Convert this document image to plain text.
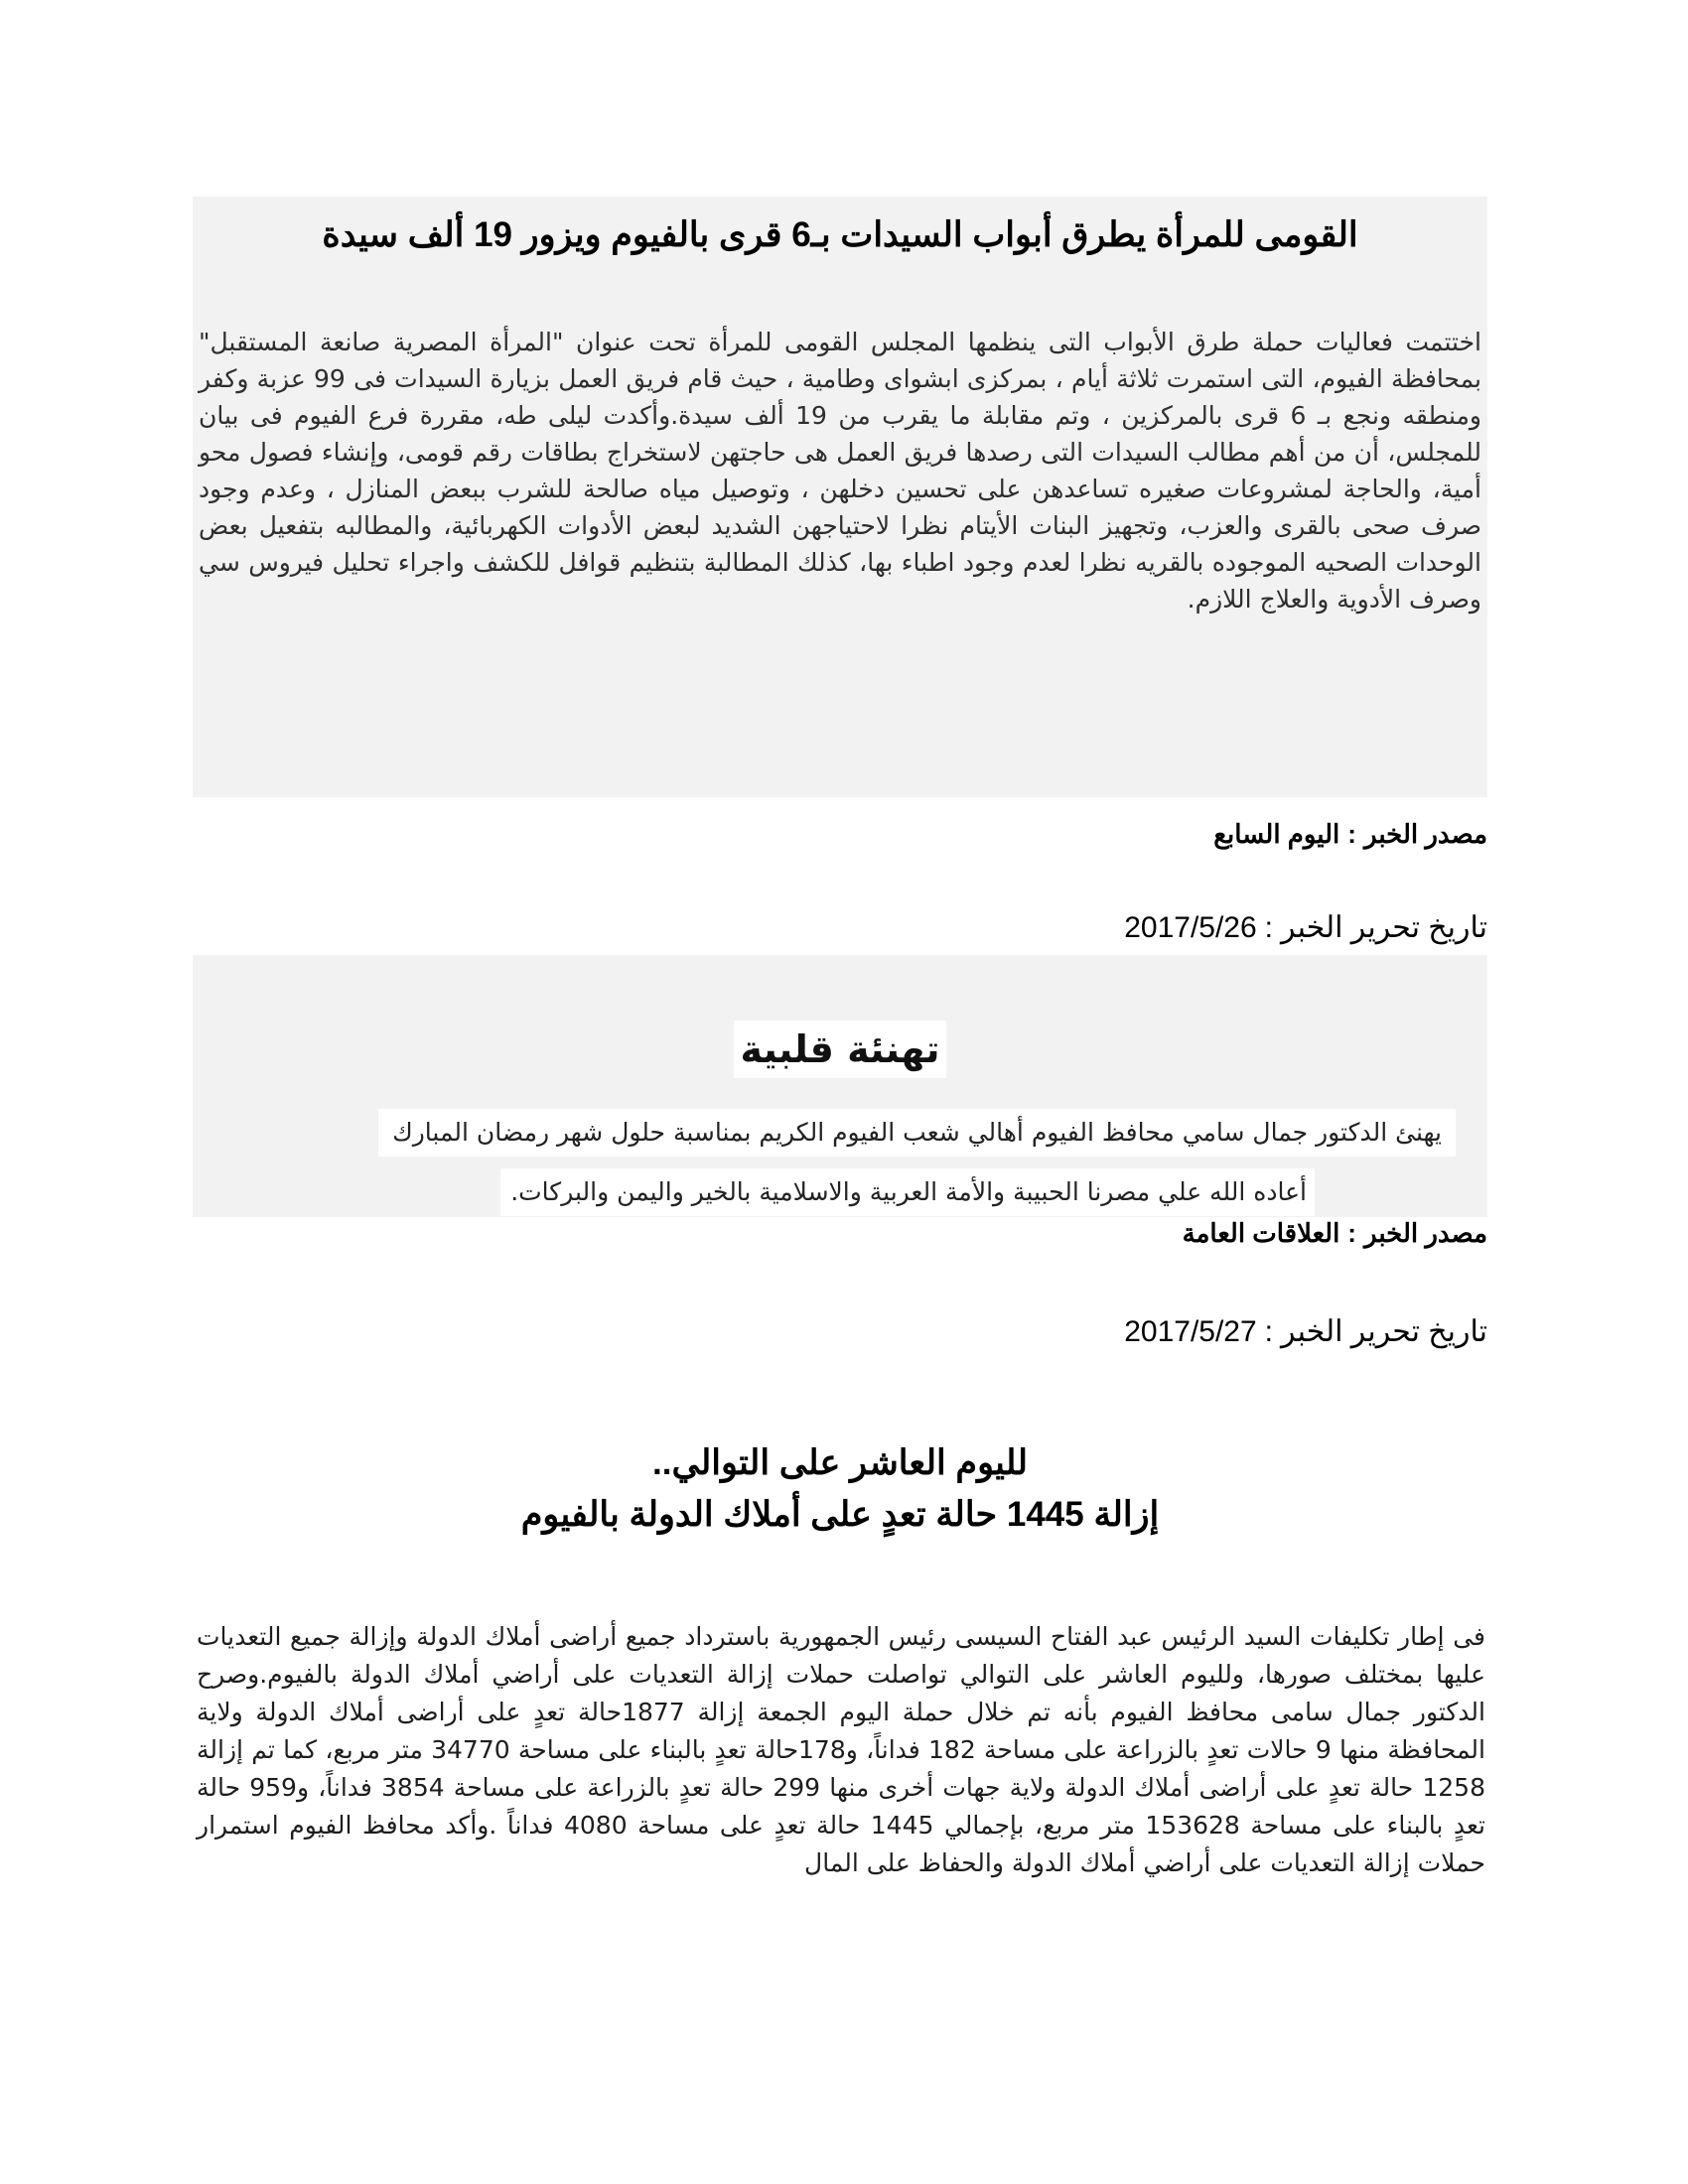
القومى للمرأة يطرق أبواب السيدات بـ6 قرى بالفيوم ويزور 19 ألف سيدة
اختتمت فعاليات حملة طرق الأبواب التى ينظمها المجلس القومى للمرأة تحت عنوان "المرأة المصرية صانعة المستقبل" بمحافظة الفيوم، التى استمرت ثلاثة أيام ، بمركزى ابشواى وطامية ، حيث قام فريق العمل بزيارة السيدات فى 99 عزبة وكفر ومنطقه ونجع بـ 6 قرى بالمركزين ، وتم مقابلة ما يقرب من 19 ألف سيدة.وأكدت ليلى طه، مقررة فرع الفيوم فى بيان للمجلس، أن من أهم مطالب السيدات التى رصدها فريق العمل هى حاجتهن لاستخراج بطاقات رقم قومى، وإنشاء فصول محو أمية، والحاجة لمشروعات صغيره تساعدهن على تحسين دخلهن ، وتوصيل مياه صالحة للشرب ببعض المنازل ، وعدم وجود صرف صحى بالقرى والعزب، وتجهيز البنات الأيتام نظرا لاحتياجهن الشديد لبعض الأدوات الكهربائية، والمطالبه بتفعيل بعض الوحدات الصحيه الموجوده بالقريه نظرا لعدم وجود اطباء بها، كذلك المطالبة بتنظيم قوافل للكشف واجراء تحليل فيروس سي وصرف الأدوية والعلاج اللازم.
مصدر الخبر:اليوم السابع
تاريخ تحرير الخبر:2017/5/26
تهنئة قلبية
يهنئ الدكتور جمال سامي محافظ الفيوم أهالي شعب الفيوم الكريم بمناسبة حلول شهر رمضان المبارك
أعاده الله علي مصرنا الحبيبة والأمة العربية والاسلامية بالخير واليمن والبركات.
مصدر الخبر:العلاقات العامة
تاريخ تحرير الخبر:2017/5/27
لليوم العاشر على التوالي..
إزالة 1445 حالة تعدٍ على أملاك الدولة بالفيوم
فى إطار تكليفات السيد الرئيس عبد الفتاح السيسى رئيس الجمهورية باسترداد جميع أراضى أملاك الدولة وإزالة جميع التعديات عليها بمختلف صورها، ولليوم العاشر على التوالي تواصلت حملات إزالة التعديات على أراضي أملاك الدولة بالفيوم.وصرح الدكتور جمال سامى محافظ الفيوم بأنه تم خلال حملة اليوم الجمعة إزالة 1877حالة تعدٍ على أراضى أملاك الدولة ولاية المحافظة منها 9 حالات تعدٍ بالزراعة على مساحة 182 فداناً، و178حالة تعدٍ بالبناء على مساحة 34770 متر مربع، كما تم إزالة 1258 حالة تعدٍ على أراضى أملاك الدولة ولاية جهات أخرى منها 299 حالة تعدٍ بالزراعة على مساحة 3854 فداناً، و959 حالة تعدٍ بالبناء على مساحة 153628 متر مربع، بإجمالي 1445 حالة تعدٍ على مساحة 4080 فداناً .وأكد محافظ الفيوم استمرار حملات إزالة التعديات على أراضي أملاك الدولة والحفاظ على المال
